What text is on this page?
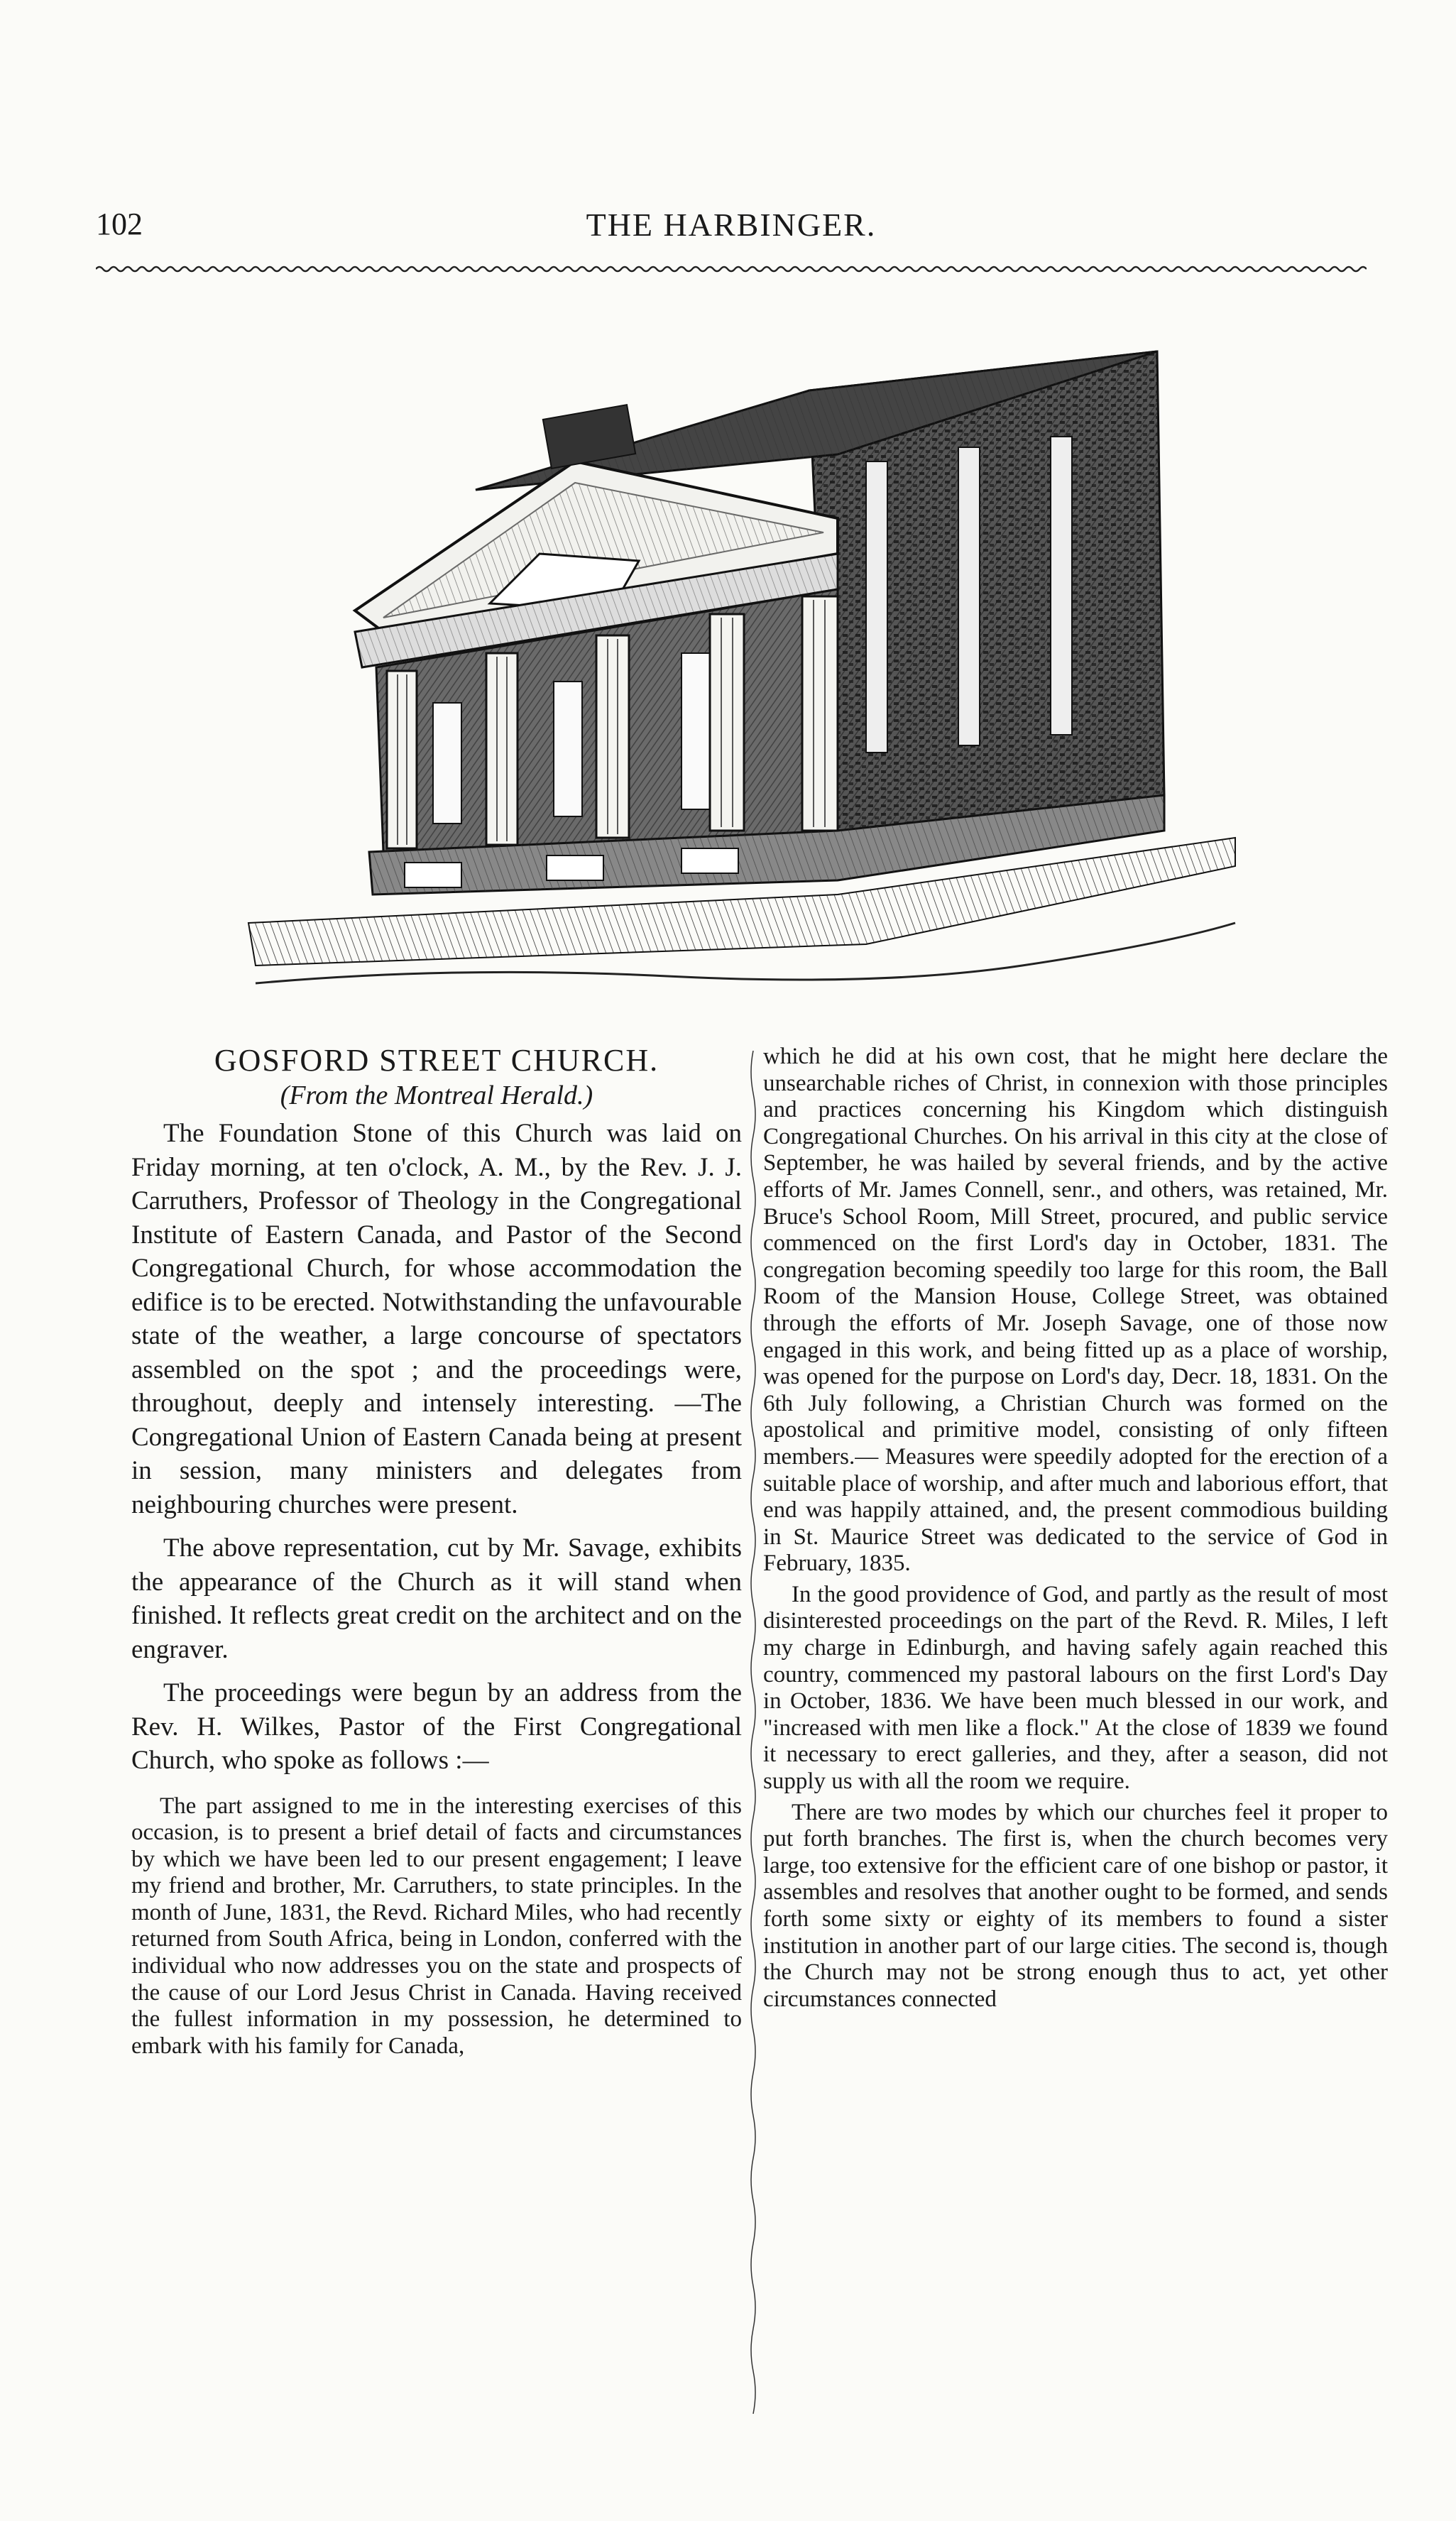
102	THE HARBINGER.
GOSFORD STREET CHURCH.
(From the Montreal Herald.)

The Foundation Stone of this Church was laid on Friday morning, at ten o'clock, A. M., by the Rev. J. J. Carruthers, Professor of Theology in the Congregational Institute of Eastern Canada, and Pastor of the Second Congregational Church, for whose accommodation the edifice is to be erected. Notwithstanding the unfavourable state of the weather, a large concourse of spectators assembled on the spot ; and the proceedings were, throughout, deeply and intensely interesting. —The Congregational Union of Eastern Canada being at present in session, many ministers and delegates from neighbouring churches were present.

The above representation, cut by Mr. Savage, exhibits the appearance of the Church as it will stand when finished. It reflects great credit on the architect and on the engraver.

The proceedings were begun by an address from the Rev. H. Wilkes, Pastor of the First Congregational Church, who spoke as follows :—

The part assigned to me in the interesting exercises of this occasion, is to present a brief detail of facts and circumstances by which we have been led to our present engagement; I leave my friend and brother, Mr. Carruthers, to state principles. In the month of June, 1831, the Revd. Richard Miles, who had recently returned from South Africa, being in London, conferred with the individual who now addresses you on the state and prospects of the cause of our Lord Jesus Christ in Canada. Having received the fullest information in my possession, he determined to embark with his family for Canada,

which he did at his own cost, that he might here declare the unsearchable riches of Christ, in connexion with those principles and practices concerning his Kingdom which distinguish Congregational Churches. On his arrival in this city at the close of September, he was hailed by several friends, and by the active efforts of Mr. James Connell, senr., and others, was retained, Mr. Bruce's School Room, Mill Street, procured, and public service commenced on the first Lord's day in October, 1831. The congregation becoming speedily too large for this room, the Ball Room of the Mansion House, College Street, was obtained through the efforts of Mr. Joseph Savage, one of those now engaged in this work, and being fitted up as a place of worship, was opened for the purpose on Lord's day, Decr. 18, 1831. On the 6th July following, a Christian Church was formed on the apostolical and primitive model, consisting of only fifteen members.— Measures were speedily adopted for the erection of a suitable place of worship, and after much and laborious effort, that end was happily attained, and, the present commodious building in St. Maurice Street was dedicated to the service of God in February, 1835.

In the good providence of God, and partly as the result of most disinterested proceedings on the part of the Revd. R. Miles, I left my charge in Edinburgh, and having safely again reached this country, commenced my pastoral labours on the first Lord's Day in October, 1836. We have been much blessed in our work, and "increased with men like a flock." At the close of 1839 we found it necessary to erect galleries, and they, after a season, did not supply us with all the room we require.

There are two modes by which our churches feel it proper to put forth branches. The first is, when the church becomes very large, too extensive for the efficient care of one bishop or pastor, it assembles and resolves that another ought to be formed, and sends forth some sixty or eighty of its members to found a sister institution in another part of our large cities. The second is, though the Church may not be strong enough thus to act, yet other circumstances connected
